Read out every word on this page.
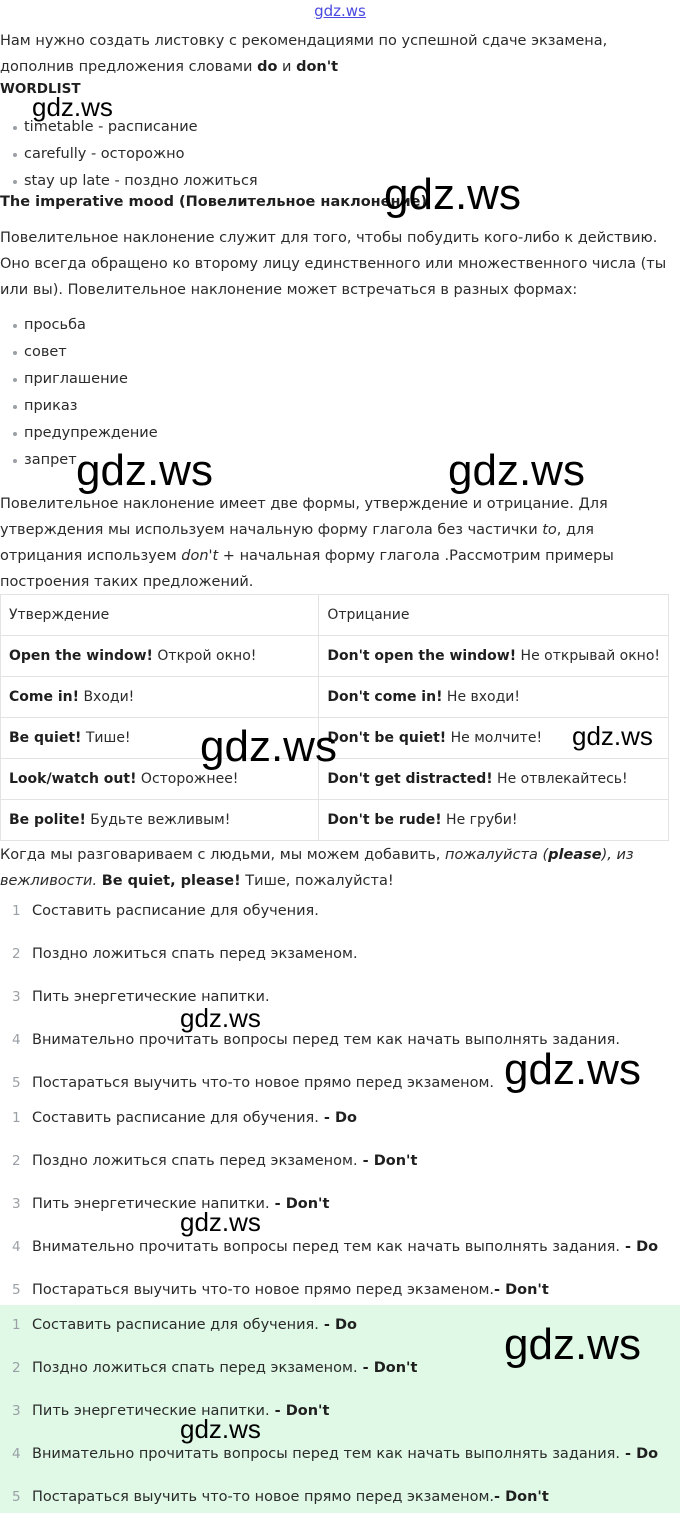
gdz.ws

Нам нужно создать листовку с рекомендациями по успешной сдаче экзамена, дополнив предложения словами do и don't

WORDLIST
timetable - расписание
carefully - осторожно
stay up late - поздно ложиться
The imperative mood (Повелительное наклонение)

Повелительное наклонение служит для того, чтобы побудить кого-либо к действию. Оно всегда обращено ко второму лицу единственного или множественного числа (ты или вы). Повелительное наклонение может встречаться в разных формах:

просьба
совет
приглашение
приказ
предупреждение
запрет

Повелительное наклонение имеет две формы, утверждение и отрицание. Для утверждения мы используем начальную форму глагола без частички to, для отрицания используем don't + начальная форму глагола .Рассмотрим примеры построения таких предложений.

Утверждение	Отрицание
Open the window! Открой окно!	Don't open the window! Не открывай окно!
Come in! Входи!	Don't come in! Не входи!
Be quiet! Тише!	Don't be quiet! Не молчите!
Look/watch out! Осторожнее!	Don't get distracted! Не отвлекайтесь!
Be polite! Будьте вежливым!	Don't be rude! Не груби!

Когда мы разговариваем с людьми, мы можем добавить, пожалуйста (please), из вежливости. Be quiet, please! Тише, пожалуйста!

1 Составить расписание для обучения.
2 Поздно ложиться спать перед экзаменом.
3 Пить энергетические напитки.
4 Внимательно прочитать вопросы перед тем как начать выполнять задания.
5 Постараться выучить что-то новое прямо перед экзаменом.
1 Составить расписание для обучения. - Do
2 Поздно ложиться спать перед экзаменом. - Don't
3 Пить энергетические напитки. - Don't
4 Внимательно прочитать вопросы перед тем как начать выполнять задания. - Do
5 Постараться выучить что-то новое прямо перед экзаменом.- Don't
1 Составить расписание для обучения. - Do
2 Поздно ложиться спать перед экзаменом. - Don't
3 Пить энергетические напитки. - Don't
4 Внимательно прочитать вопросы перед тем как начать выполнять задания. - Do
5 Постараться выучить что-то новое прямо перед экзаменом.- Don't
gdz.ws
gdz.ws
gdz.ws	gdz.ws
gdz.ws	gdz.ws
gdz.ws
gdz.ws
gdz.ws
gdz.ws
gdz.ws
